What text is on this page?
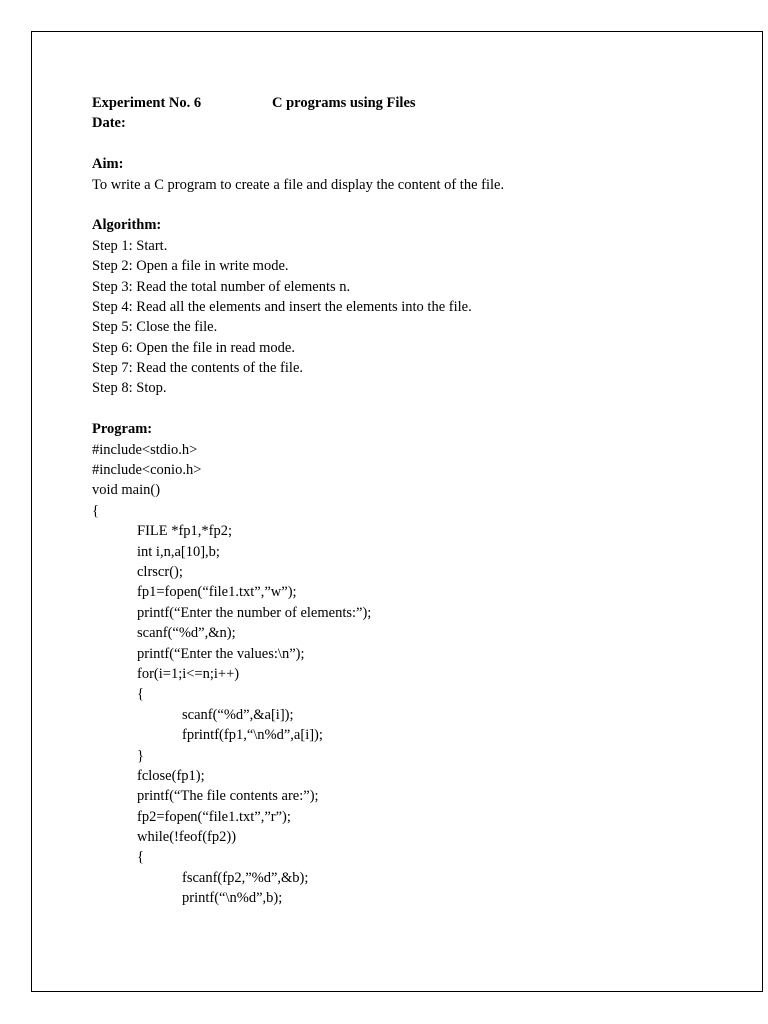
Experiment No. 6	C programs using Files
Date:
Aim:
To write a C program to create a file and display the content of the file.
Algorithm:
Step 1: Start.
Step 2: Open a file in write mode.
Step 3: Read the total number of elements n.
Step 4: Read all the elements and insert the elements into the file.
Step 5: Close the file.
Step 6: Open the file in read mode.
Step 7: Read the contents of the file.
Step 8: Stop.
Program:
#include<stdio.h>
#include<conio.h>
void main()
{
FILE *fp1,*fp2;
int i,n,a[10],b;
clrscr();
fp1=fopen(“file1.txt”,”w”);
printf(“Enter the number of elements:”);
scanf(“%d”,&n);
printf(“Enter the values:\n”);
for(i=1;i<=n;i++)
{
scanf(“%d”,&a[i]);
fprintf(fp1,“\n%d”,a[i]);
}
fclose(fp1);
printf(“The file contents are:”);
fp2=fopen(“file1.txt”,”r”);
while(!feof(fp2))
{
fscanf(fp2,”%d”,&b);
printf(“\n%d”,b);
